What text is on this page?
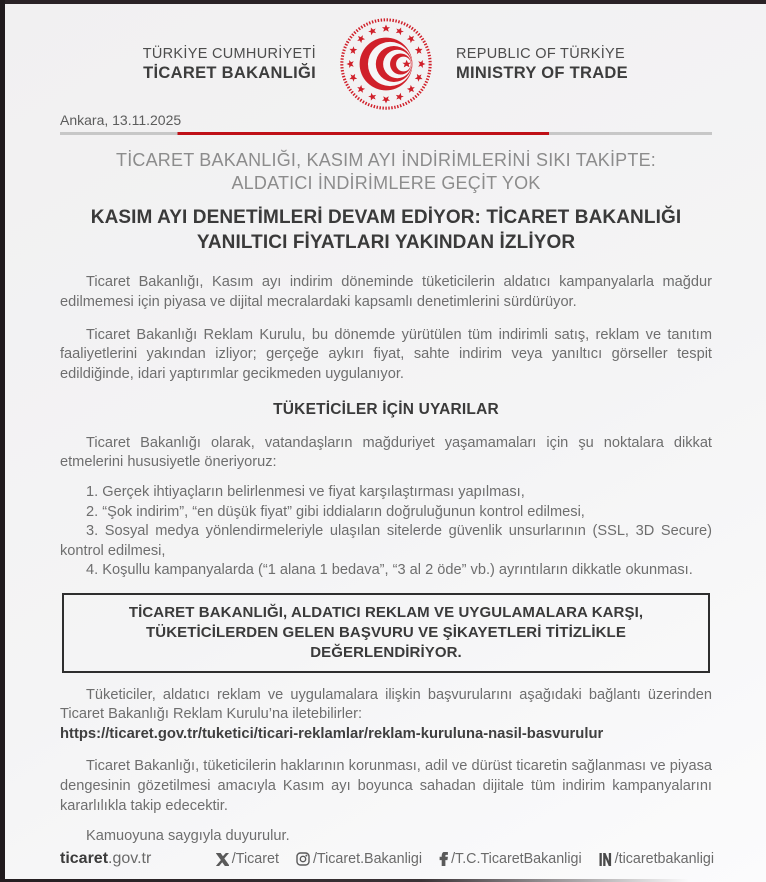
TÜRKİYE CUMHURİYETİ
TİCARET BAKANLIĞI
REPUBLIC OF TÜRKİYE
MINISTRY OF TRADE
Ankara, 13.11.2025
TİCARET BAKANLIĞI, KASIM AYI İNDİRİMLERİNİ SIKI TAKİPTE:
ALDATICI İNDİRİMLERE GEÇİT YOK
KASIM AYI DENETİMLERİ DEVAM EDİYOR: TİCARET BAKANLIĞI
YANILTICI FİYATLARI YAKINDAN İZLİYOR

Ticaret Bakanlığı, Kasım ayı indirim döneminde tüketicilerin aldatıcı kampanyalarla mağdur edilmemesi için piyasa ve dijital mecralardaki kapsamlı denetimlerini sürdürüyor.

Ticaret Bakanlığı Reklam Kurulu, bu dönemde yürütülen tüm indirimli satış, reklam ve tanıtım faaliyetlerini yakından izliyor; gerçeğe aykırı fiyat, sahte indirim veya yanıltıcı görseller tespit edildiğinde, idari yaptırımlar gecikmeden uygulanıyor.

TÜKETİCİLER İÇİN UYARILAR

Ticaret Bakanlığı olarak, vatandaşların mağduriyet yaşamamaları için şu noktalara dikkat etmelerini hususiyetle öneriyoruz:

1. Gerçek ihtiyaçların belirlenmesi ve fiyat karşılaştırması yapılması,

2. “Şok indirim”, “en düşük fiyat” gibi iddiaların doğruluğunun kontrol edilmesi,

3. Sosyal medya yönlendirmeleriyle ulaşılan sitelerde güvenlik unsurlarının (SSL, 3D Secure) kontrol edilmesi,

4. Koşullu kampanyalarda (“1 alana 1 bedava”, “3 al 2 öde” vb.) ayrıntıların dikkatle okunması.

TİCARET BAKANLIĞI, ALDATICI REKLAM VE UYGULAMALARA KARŞI,
TÜKETİCİLERDEN GELEN BAŞVURU VE ŞİKAYETLERİ TİTİZLİKLE
DEĞERLENDİRİYOR.

Tüketiciler, aldatıcı reklam ve uygulamalara ilişkin başvurularını aşağıdaki bağlantı üzerinden Ticaret Bakanlığı Reklam Kurulu’na iletebilirler:

https://ticaret.gov.tr/tuketici/ticari-reklamlar/reklam-kuruluna-nasil-basvurulur

Ticaret Bakanlığı, tüketicilerin haklarının korunması, adil ve dürüst ticaretin sağlanması ve piyasa dengesinin gözetilmesi amacıyla Kasım ayı boyunca sahadan dijitale tüm indirim kampanyalarını kararlılıkla takip edecektir.

Kamuoyuna saygıyla duyurulur.

ticaret.gov.tr	/Ticaret /Ticaret.Bakanligi /T.C.TicaretBakanligi /ticaretbakanligi
